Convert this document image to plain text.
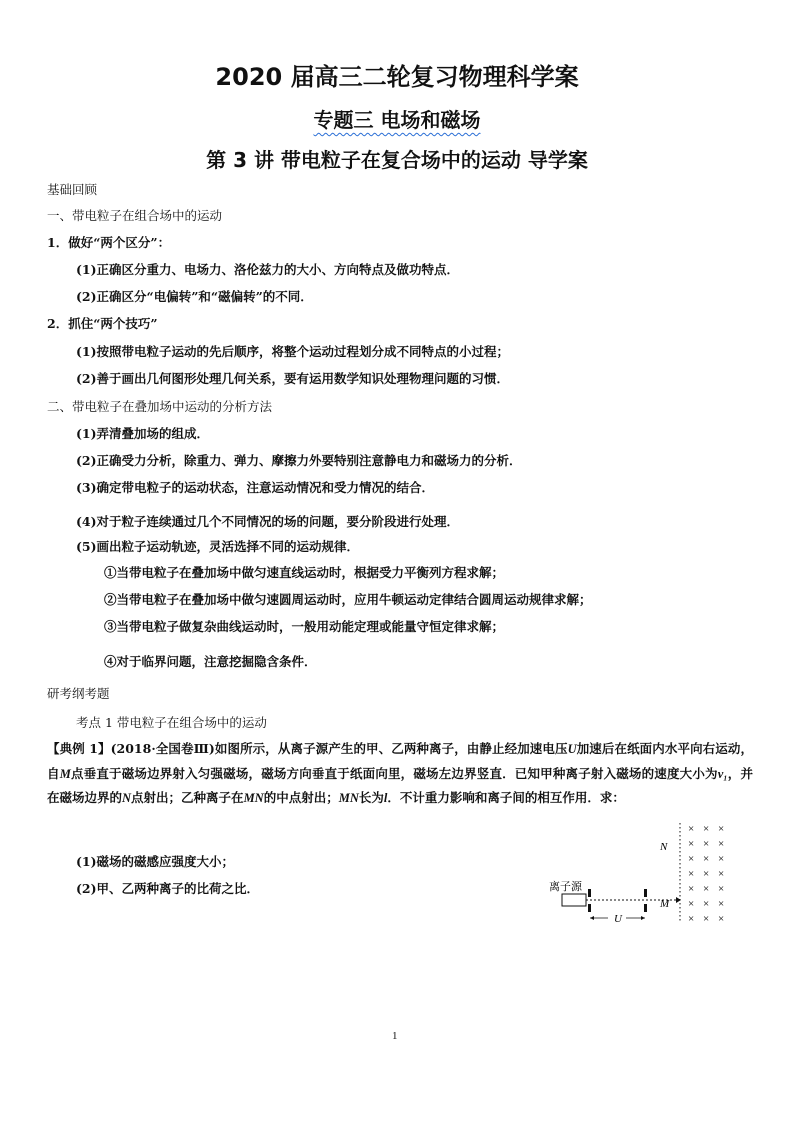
2020 届高三二轮复习物理科学案
专题三 电场和磁场
第 3 讲 带电粒子在复合场中的运动 导学案
基础回顾
一、带电粒子在组合场中的运动
1．做好“两个区分”：
(1)正确区分重力、电场力、洛伦兹力的大小、方向特点及做功特点．
(2)正确区分“电偏转”和“磁偏转”的不同．
2．抓住“两个技巧”
(1)按照带电粒子运动的先后顺序，将整个运动过程划分成不同特点的小过程；
(2)善于画出几何图形处理几何关系，要有运用数学知识处理物理问题的习惯．
二、带电粒子在叠加场中运动的分析方法
(1)弄清叠加场的组成．
(2)正确受力分析，除重力、弹力、摩擦力外要特别注意静电力和磁场力的分析．
(3)确定带电粒子的运动状态，注意运动情况和受力情况的结合．
(4)对于粒子连续通过几个不同情况的场的问题，要分阶段进行处理．
(5)画出粒子运动轨迹，灵活选择不同的运动规律．
①当带电粒子在叠加场中做匀速直线运动时，根据受力平衡列方程求解；
②当带电粒子在叠加场中做匀速圆周运动时，应用牛顿运动定律结合圆周运动规律求解；
③当带电粒子做复杂曲线运动时，一般用动能定理或能量守恒定律求解；
④对于临界问题，注意挖掘隐含条件．
研考纲考题
考点 1 带电粒子在组合场中的运动
【典例 1】(2018·全国卷Ⅲ)如图所示，从离子源产生的甲、乙两种离子，由静止经加速电压U加速后在纸面内水平向右运动，自M点垂直于磁场边界射入匀强磁场，磁场方向垂直于纸面向里，磁场左边界竖直．已知甲种离子射入磁场的速度大小为v₁，并在磁场边界的N点射出；乙种离子在MN的中点射出；MN长为l．不计重力影响和离子间的相互作用．求：
(1)磁场的磁感应强度大小；
(2)甲、乙两种离子的比荷之比．	离子源
U
N
M
× × ×
× × ×
× × ×
× × ×
× × ×
× × ×
× × ×
1
